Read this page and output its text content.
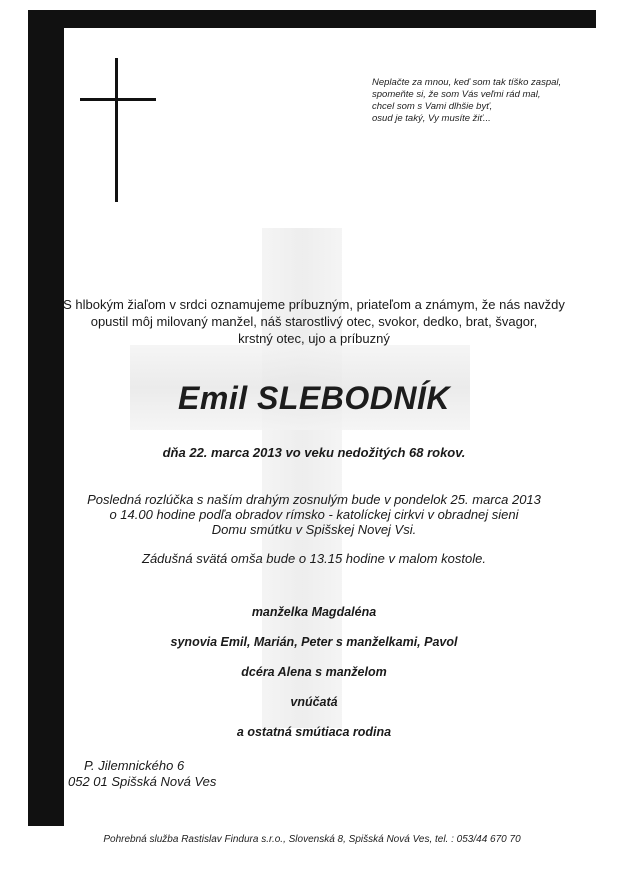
Neplačte za mnou, keď som tak tíško zaspal,
spomeňte si, že som Vás veľmi rád mal,
chcel som s Vami dlhšie byť,
osud je taký, Vy musíte žiť...
S hlbokým žiaľom v srdci oznamujeme príbuzným, priateľom a známym, že nás navždy
opustil môj milovaný manžel, náš starostlivý otec, svokor, dedko, brat, švagor,
krstný otec, ujo a príbuzný
Emil SLEBODNÍK
dňa 22. marca 2013 vo veku nedožitých 68 rokov.
Posledná rozlúčka s naším drahým zosnulým bude v pondelok 25. marca 2013
o 14.00 hodine podľa obradov rímsko - katolíckej cirkvi v obradnej sieni
Domu smútku v Spišskej Novej Vsi.
Zádušná svätá omša bude o 13.15 hodine v malom kostole.
manželka Magdaléna
synovia Emil, Marián, Peter s manželkami, Pavol
dcéra Alena s manželom
vnúčatá
a ostatná smútiaca rodina
P. Jilemnického 6
052 01 Spišská Nová Ves
Pohrebná služba Rastislav Findura s.r.o., Slovenská 8, Spišská Nová Ves, tel. : 053/44 670 70
